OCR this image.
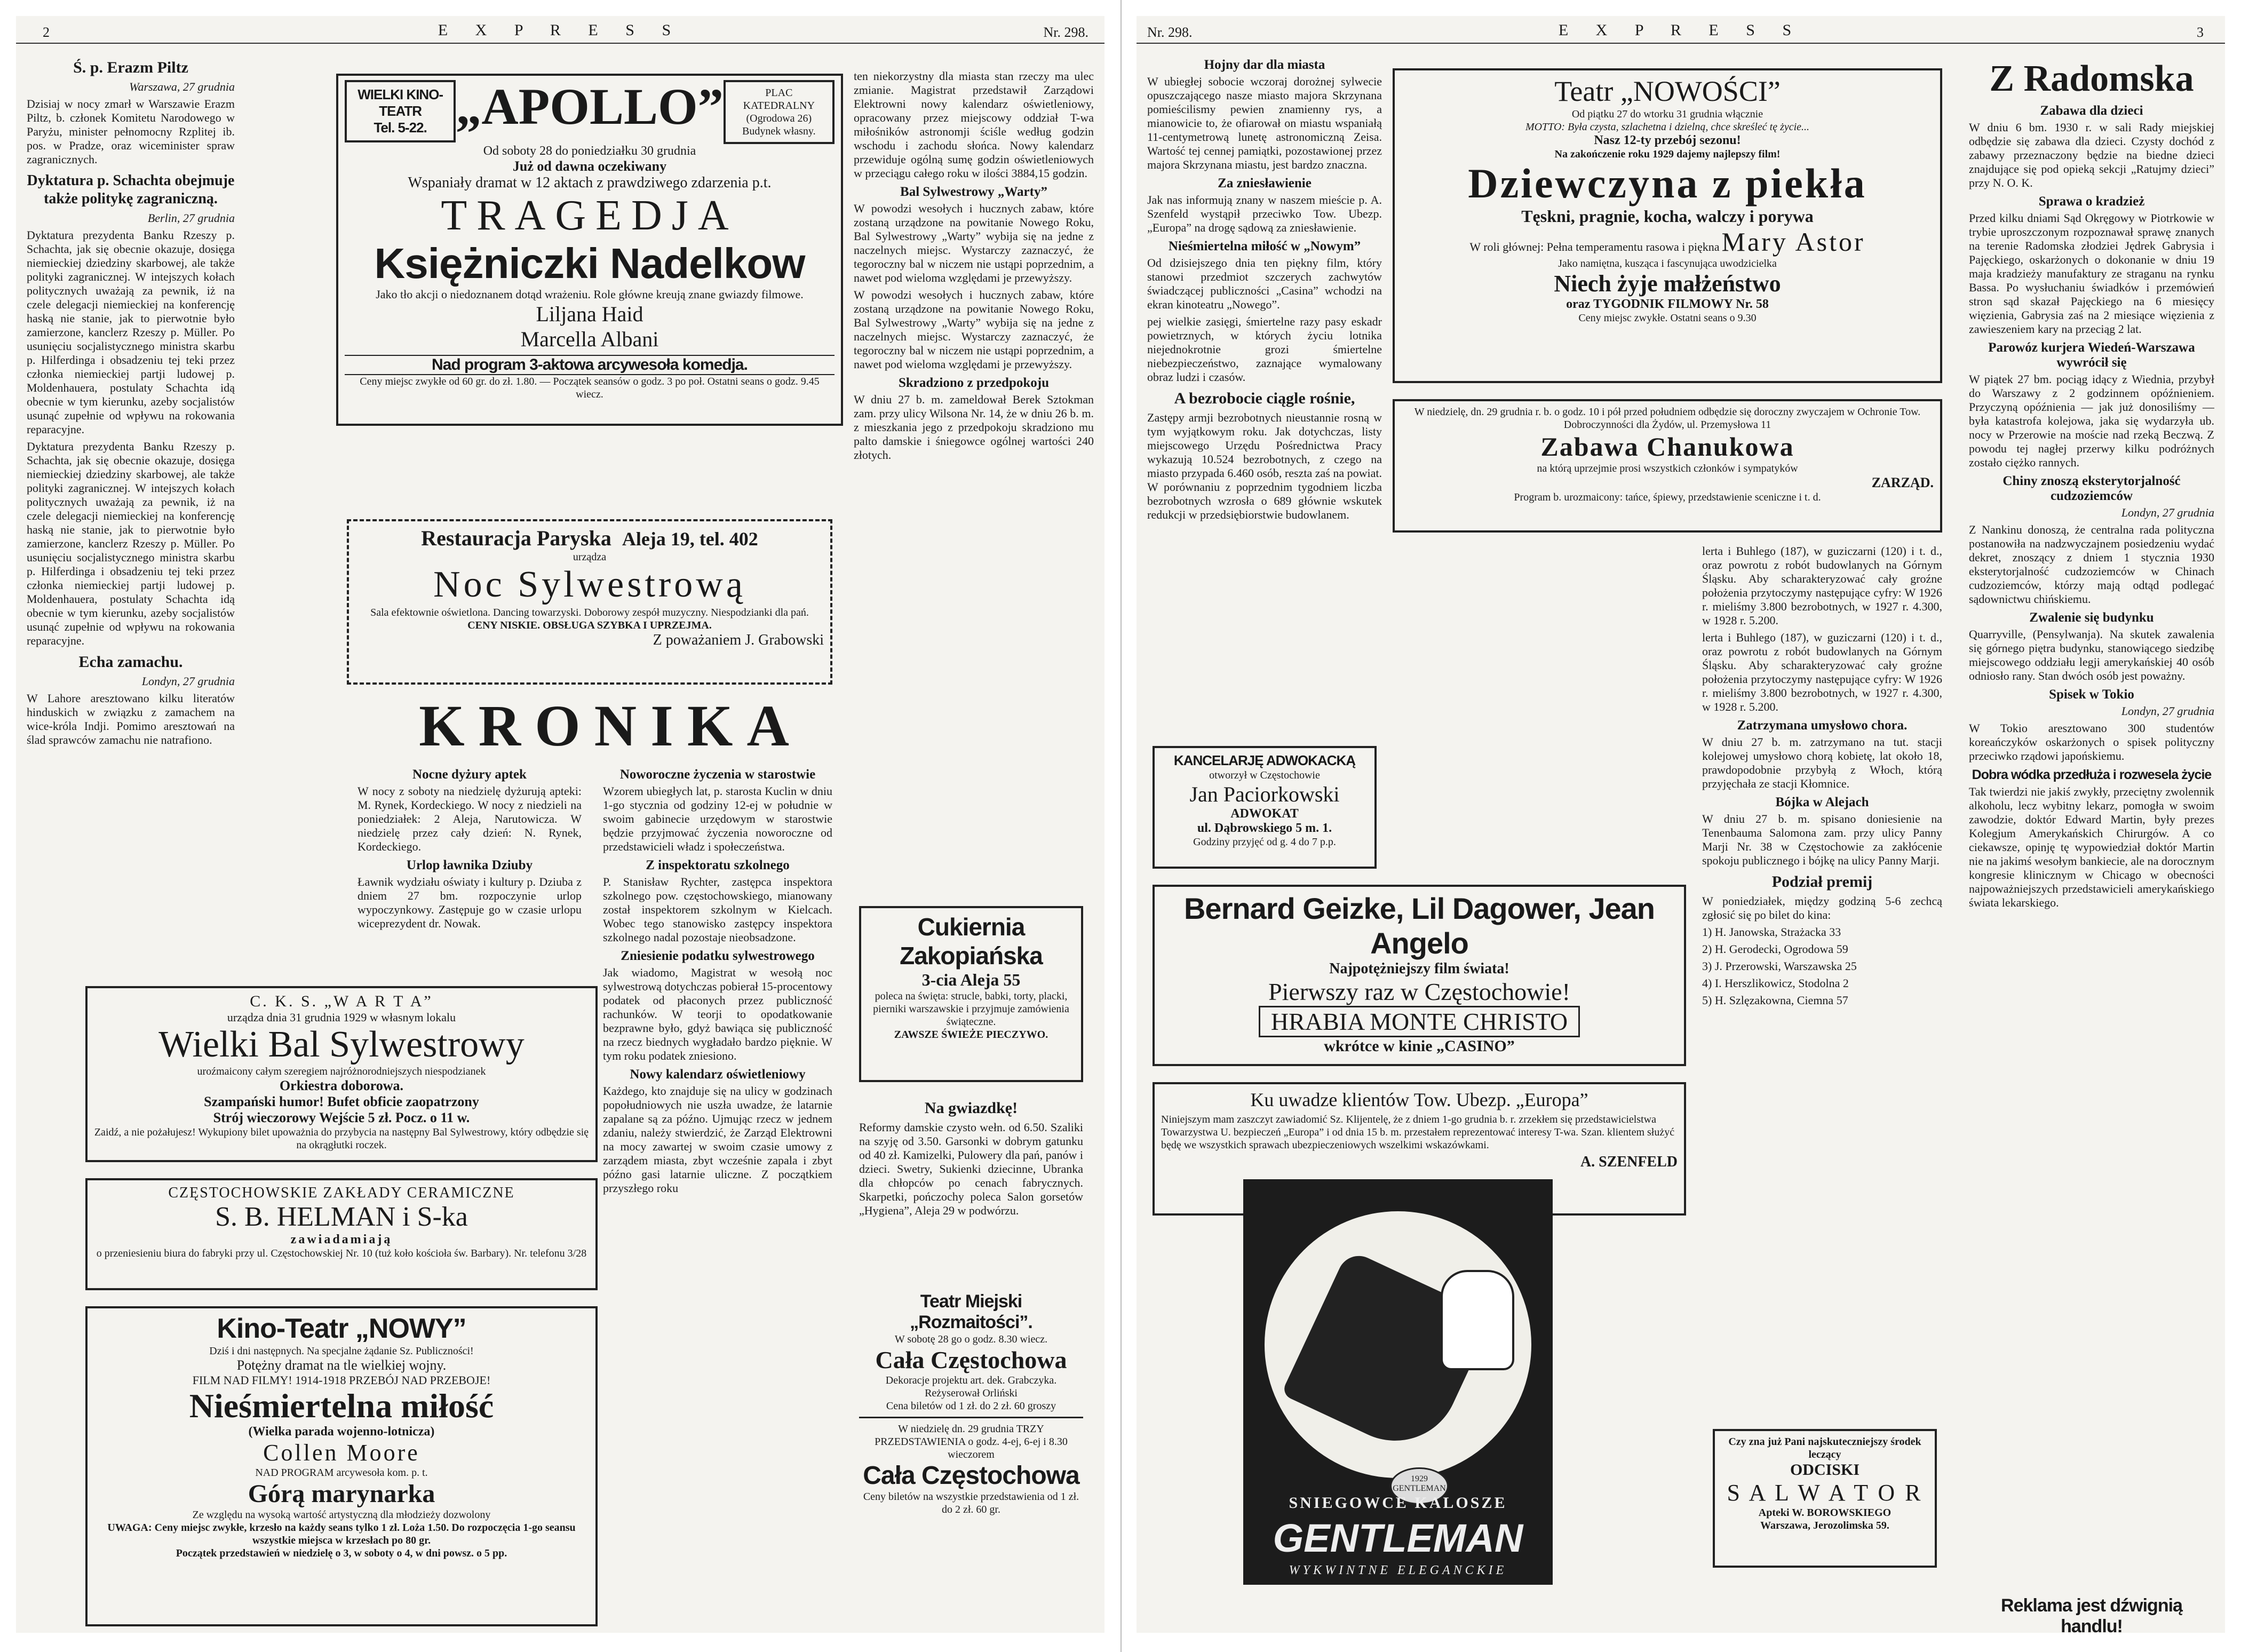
2	E X P R E S S	Nr. 298.
Ś. p. Erazm Piltz

Warszawa, 27 grudnia

Dzisiaj w nocy zmarł w Warszawie Erazm Piltz, b. członek Komitetu Narodowego w Paryżu, minister pełnomocny Rzplitej ib. pos. w Pradze, oraz wiceminister spraw zagranicznych.

Dyktatura p. Schachta obejmuje także politykę zagraniczną.

Berlin, 27 grudnia

Dyktatura prezydenta Banku Rzeszy p. Schachta, jak się obecnie okazuje, dosięga niemieckiej dziedziny skarbowej, ale także polityki zagranicznej. W intejszych kołach politycznych uważają za pewnik, iż na czele delegacji niemieckiej na konferencję haską nie stanie, jak to pierwotnie było zamierzone, kanclerz Rzeszy p. Müller. Po usunięciu socjalistycznego ministra skarbu p. Hilferdinga i obsadzeniu tej teki przez członka niemieckiej partji ludowej p. Moldenhauera, postulaty Schachta idą obecnie w tym kierunku, azeby socjalistów usunąć zupełnie od wpływu na rokowania reparacyjne.

Dyktatura prezydenta Banku Rzeszy p. Schachta, jak się obecnie okazuje, dosięga niemieckiej dziedziny skarbowej, ale także polityki zagranicznej. W intejszych kołach politycznych uważają za pewnik, iż na czele delegacji niemieckiej na konferencję haską nie stanie, jak to pierwotnie było zamierzone, kanclerz Rzeszy p. Müller. Po usunięciu socjalistycznego ministra skarbu p. Hilferdinga i obsadzeniu tej teki przez członka niemieckiej partji ludowej p. Moldenhauera, postulaty Schachta idą obecnie w tym kierunku, azeby socjalistów usunąć zupełnie od wpływu na rokowania reparacyjne.

Echa zamachu.

Londyn, 27 grudnia

W Lahore aresztowano kilku literatów hinduskich w związku z zamachem na wice-króla Indji. Pomimo aresztowań na ślad sprawców zamachu nie natrafiono.

WIELKI KINO-TEATR
Tel. 5-22. „APOLLO”	PLAC KATEDRALNY (Ogrodowa 26) Budynek własny.
Od soboty 28 do poniedziałku 30 grudnia
Już od dawna oczekiwany
Wspaniały dramat w 12 aktach z prawdziwego zdarzenia p.t.
TRAGEDJA
Księżniczki Nadelkow
Jako tło akcji o niedoznanem dotąd wrażeniu. Role główne kreują znane gwiazdy filmowe.
Liljana Haid
Marcella Albani
Nad program 3-aktowa arcywesoła komedja.
Ceny miejsc zwykłe od 60 gr. do zł. 1.80. — Początek seansów o godz. 3 po poł. Ostatni seans o godz. 9.45 wiecz.
Restauracja Paryska Aleja 19, tel. 402
urządza
Noc Sylwestrową
Sala efektownie oświetlona. Dancing towarzyski. Doborowy zespół muzyczny. Niespodzianki dla pań.
CENY NISKIE. OBSŁUGA SZYBKA I UPRZEJMA.
Z poważaniem J. Grabowski
KRONIKA
Nocne dyżury aptek

W nocy z soboty na niedzielę dyżurują apteki: M. Rynek, Kordeckiego. W nocy z niedzieli na poniedziałek: 2 Aleja, Narutowicza. W niedzielę przez cały dzień: N. Rynek, Kordeckiego.

Urlop ławnika Dziuby

Ławnik wydziału oświaty i kultury p. Dziuba z dniem 27 bm. rozpoczynie urlop wypoczynkowy. Zastępuje go w czasie urlopu wiceprezydent dr. Nowak.

Noworoczne życzenia w starostwie

Wzorem ubiegłych lat, p. starosta Kuclin w dniu 1-go stycznia od godziny 12-ej w południe w swoim gabinecie urzędowym w starostwie będzie przyjmować życzenia noworoczne od przedstawicieli władz i społeczeństwa.

Z inspektoratu szkolnego

P. Stanisław Rychter, zastępca inspektora szkolnego pow. częstochowskiego, mianowany został inspektorem szkolnym w Kielcach. Wobec tego stanowisko zastępcy inspektora szkolnego nadal pozostaje nieobsadzone.

Zniesienie podatku sylwestrowego

Jak wiadomo, Magistrat w wesołą noc sylwestrową dotychczas pobierał 15-procentowy podatek od płaconych przez publiczność rachunków. W teorji to opodatkowanie bezprawne było, gdyż bawiąca się publiczność na rzecz biednych wygładało bardzo pięknie. W tym roku podatek zniesiono.

Nowy kalendarz oświetleniowy

Każdego, kto znajduje się na ulicy w godzinach popołudniowych nie uszła uwadze, że latarnie zapalane są za późno. Ujmując rzecz w jednem zdaniu, należy stwierdzić, że Zarząd Elektrowni na mocy zawartej w swoim czasie umowy z zarządem miasta, zbyt wcześnie zapala i zbyt późno gasi latarnie uliczne. Z początkiem przyszłego roku

ten niekorzystny dla miasta stan rzeczy ma ulec zmianie. Magistrat przedstawił Zarządowi Elektrowni nowy kalendarz oświetleniowy, opracowany przez miejscowy oddział T-wa miłośników astronomji ściśle według godzin wschodu i zachodu słońca. Nowy kalendarz przewiduje ogólną sumę godzin oświetleniowych w przeciągu całego roku w ilości 3884,15 godzin.

Bal Sylwestrowy „Warty”

W powodzi wesołych i hucznych zabaw, które zostaną urządzone na powitanie Nowego Roku, Bal Sylwestrowy „Warty” wybija się na jedne z naczelnych miejsc. Wystarczy zaznaczyć, że tegoroczny bal w niczem nie ustąpi poprzednim, a nawet pod wieloma względami je przewyższy.

W powodzi wesołych i hucznych zabaw, które zostaną urządzone na powitanie Nowego Roku, Bal Sylwestrowy „Warty” wybija się na jedne z naczelnych miejsc. Wystarczy zaznaczyć, że tegoroczny bal w niczem nie ustąpi poprzednim, a nawet pod wieloma względami je przewyższy.

Skradziono z przedpokoju

W dniu 27 b. m. zameldował Berek Sztokman zam. przy ulicy Wilsona Nr. 14, że w dniu 26 b. m. z mieszkania jego z przedpokoju skradziono mu palto damskie i śniegowce ogólnej wartości 240 złotych.

Cukiernia Zakopiańska
3-cia Aleja 55
poleca na święta: strucle, babki, torty, placki, pierniki warszawskie i przyjmuje zamówienia świąteczne.
ZAWSZE ŚWIEŻE PIECZYWO.
Na gwiazdkę!

Reformy damskie czysto wełn. od 6.50. Szaliki na szyję od 3.50. Garsonki w dobrym gatunku od 40 zł. Kamizelki, Pulowery dla pań, panów i dzieci. Swetry, Sukienki dziecinne, Ubranka dla chłopców po cenach fabrycznych. Skarpetki, pończochy poleca Salon gorsetów „Hygiena”, Aleja 29 w podwórzu.

Teatr Miejski „Rozmaitości”.
W sobotę 28 go o godz. 8.30 wiecz.
Cała Częstochowa
Dekoracje projektu art. dek. Grabczyka. Reżyserował Orliński
Cena biletów od 1 zł. do 2 zł. 60 groszy
W niedzielę dn. 29 grudnia TRZY PRZEDSTAWIENIA o godz. 4-ej, 6-ej i 8.30 wieczorem
Cała Częstochowa
Ceny biletów na wszystkie przedstawienia od 1 zł. do 2 zł. 60 gr.
C. K. S. „W A R T A”
urządza dnia 31 grudnia 1929 w własnym lokalu
Wielki Bal Sylwestrowy
uroźmaicony całym szeregiem najróżnorodniejszych niespodzianek
Orkiestra doborowa.
Szampański humor! Bufet obficie zaopatrzony
Strój wieczorowy Wejście 5 zł. Pocz. o 11 w.
Zaidź, a nie pożałujesz! Wykupiony bilet upoważnia do przybycia na następny Bal Sylwestrowy, który odbędzie się na okrągłutki roczek.
CZĘSTOCHOWSKIE ZAKŁADY CERAMICZNE
S. B. HELMAN i S-ka
zawiadamiają
o przeniesieniu biura do fabryki przy ul. Częstochowskiej Nr. 10 (tuż koło kościoła św. Barbary). Nr. telefonu 3/28
Kino-Teatr „NOWY”
Dziś i dni następnych. Na specjalne żądanie Sz. Publiczności!
Potężny dramat na tle wielkiej wojny.
FILM NAD FILMY! 1914-1918 PRZEBÓJ NAD PRZEBOJE!
Nieśmiertelna miłość
(Wielka parada wojenno-lotnicza)
Collen Moore
NAD PROGRAM arcywesoła kom. p. t.
Górą marynarka
Ze względu na wysoką wartość artystyczną dla młodzieży dozwolony
UWAGA: Ceny miejsc zwykłe, krzesło na każdy seans tylko 1 zł. Loża 1.50. Do rozpoczęcia 1-go seansu wszystkie miejsca w krzesłach po 80 gr.
Początek przedstawień w niedzielę o 3, w soboty o 4, w dni powsz. o 5 pp.
Nr. 298.	E X P R E S S	3
Hojny dar dla miasta

W ubiegłej sobocie wczoraj dorożnej sylwecie opuszczającego nasze miasto majora Skrzynana pomieścilismy pewien znamienny rys, a mianowicie to, że ofiarował on miastu wspaniałą 11-centymetrową lunetę astronomiczną Zeisa. Wartość tej cennej pamiątki, pozostawionej przez majora Skrzynana miastu, jest bardzo znaczna.

Za zniesławienie

Jak nas informują znany w naszem mieście p. A. Szenfeld wystąpił przeciwko Tow. Ubezp. „Europa” na drogę sądową za zniesławienie.

Nieśmiertelna miłość w „Nowym”

Od dzisiejszego dnia ten piękny film, który stanowi przedmiot szczerych zachwytów świadczącej publiczności „Casina” wchodzi na ekran kinoteatru „Nowego”.

pej wielkie zasięgi, śmiertelne razy pasy eskadr powietrznych, w których życiu lotnika niejednokrotnie grozi śmiertelne niebezpieczeństwo, zaznające wymalowany obraz ludzi i czasów.

A bezrobocie ciągle rośnie,

Zastępy armji bezrobotnych nieustannie rosną w tym wyjątkowym roku. Jak dotychczas, listy miejscowego Urzędu Pośrednictwa Pracy wykazują 10.524 bezrobotnych, z czego na miasto przypada 6.460 osób, reszta zaś na powiat. W porównaniu z poprzednim tygodniem liczba bezrobotnych wzrosła o 689 głównie wskutek redukcji w przedsiębiorstwie budowlanem.

Teatr „NOWOŚCI”
Od piątku 27 do wtorku 31 grudnia włącznie
MOTTO: Była czysta, szlachetna i dzielną, chce skreśleć tę życie...
Nasz 12-ty przebój sezonu!
Na zakończenie roku 1929 dajemy najlepszy film!
Dziewczyna z piekła
Tęskni, pragnie, kocha, walczy i porywa
W roli głównej: Pełna temperamentu rasowa i piękna Mary Astor
Jako namiętna, kusząca i fascynująca uwodzicielka
Niech żyje małżeństwo
oraz TYGODNIK FILMOWY Nr. 58
Ceny miejsc zwykłe. Ostatni seans o 9.30
W niedzielę, dn. 29 grudnia r. b. o godz. 10 i pół przed południem odbędzie się doroczny zwyczajem w Ochronie Tow. Dobroczynności dla Żydów, ul. Przemysłowa 11
Zabawa Chanukowa
na którą uprzejmie prosi wszystkich członków i sympatyków
ZARZĄD.
Program b. urozmaicony: tańce, śpiewy, przedstawienie sceniczne i t. d.

lerta i Buhlego (187), w guziczarni (120) i t. d., oraz powrotu z robót budowlanych na Górnym Śląsku. Aby scharakteryzować cały groźne położenia przytoczymy następujące cyfry: W 1926 r. mieliśmy 3.800 bezrobotnych, w 1927 r. 4.300, w 1928 r. 5.200.

lerta i Buhlego (187), w guziczarni (120) i t. d., oraz powrotu z robót budowlanych na Górnym Śląsku. Aby scharakteryzować cały groźne położenia przytoczymy następujące cyfry: W 1926 r. mieliśmy 3.800 bezrobotnych, w 1927 r. 4.300, w 1928 r. 5.200.

Zatrzymana umysłowo chora.

W dniu 27 b. m. zatrzymano na tut. stacji kolejowej umysłowo chorą kobietę, lat około 18, prawdopodobnie przybyłą z Włoch, którą przyjęchała ze stacji Kłomnice.

Bójka w Alejach

W dniu 27 b. m. spisano doniesienie na Tenenbauma Salomona zam. przy ulicy Panny Marji Nr. 38 w Częstochowie za zakłócenie spokoju publicznego i bójkę na ulicy Panny Marji.

Podział premij

W poniedziałek, między godziną 5-6 zechcą zgłosić się po bilet do kina:

1) H. Janowska, Strażacka 33

2) H. Gerodecki, Ogrodowa 59

3) J. Przerowski, Warszawska 25

4) I. Herszlikowicz, Stodolna 2

5) H. Szlęzakowna, Ciemna 57

KANCELARJĘ ADWOKACKĄ
otworzył w Częstochowie
Jan Paciorkowski
ADWOKAT
ul. Dąbrowskiego 5 m. 1.
Godziny przyjęć od g. 4 do 7 p.p.
Bernard Geizke, Lil Dagower, Jean Angelo
Najpotężniejszy film świata!
Pierwszy raz w Częstochowie!
HRABIA MONTE CHRISTO
wkrótce w kinie „CASINO”
Ku uwadze klientów Tow. Ubezp. „Europa”

Niniejszym mam zaszczyt zawiadomić Sz. Klijentelę, że z dniem 1-go grudnia b. r. zrzekłem się przedstawicielstwa Towarzystwa U. bezpieczeń „Europa” i od dnia 15 b. m. przestałem reprezentować interesy T-wa. Szan. klientem służyć będę we wszystkich sprawach ubezpieczeniowych wszelkimi wskazówkami.

A. SZENFELD
Czy zna już Pani najskuteczniejszy środek leczący
ODCISKI
S A L W A T O R
Apteki W. BOROWSKIEGO
Warszawa, Jerozolimska 59.
Z Radomska
Zabawa dla dzieci

W dniu 6 bm. 1930 r. w sali Rady miejskiej odbędzie się zabawa dla dzieci. Czysty dochód z zabawy przeznaczony będzie na biedne dzieci znajdujące się pod opieką sekcji „Ratujmy dzieci” przy N. O. K.

Sprawa o kradzież

Przed kilku dniami Sąd Okręgowy w Piotrkowie w trybie uproszczonym rozpoznawał sprawę znanych na terenie Radomska złodziei Jędrek Gabrysia i Pajęckiego, oskarżonych o dokonanie w dniu 19 maja kradzieży manufaktury ze straganu na rynku Bassa. Po wysłuchaniu świadków i przemówień stron sąd skazał Pajęckiego na 6 miesięcy więzienia, Gabrysia zaś na 2 miesiące więzienia z zawieszeniem kary na przeciąg 2 lat.

Parowóz kurjera Wiedeń-Warszawa wywrócił się

W piątek 27 bm. pociąg idący z Wiednia, przybył do Warszawy z 2 godzinnem opóźnieniem. Przyczyną opóźnienia — jak już donosiliśmy — była katastrofa kolejowa, jaka się wydarzyła ub. nocy w Przerowie na moście nad rzeką Beczwą. Z powodu tej nagłej przerwy kilku podróżnych zostało ciężko rannych.

Chiny znoszą eksterytorjalność cudzoziemców

Londyn, 27 grudnia

Z Nankinu donoszą, że centralna rada polityczna postanowiła na nadzwyczajnem posiedzeniu wydać dekret, znoszący z dniem 1 stycznia 1930 eksterytorjalność cudzoziemców w Chinach cudzoziemców, którzy mają odtąd podlegać sądownictwu chińskiemu.

Zwalenie się budynku

Quarryville, (Pensylwanja). Na skutek zawalenia się górnego piętra budynku, stanowiącego siedzibę miejscowego oddziału legji amerykańskiej 40 osób odniosło rany. Stan dwóch osób jest poważny.

Spisek w Tokio

Londyn, 27 grudnia

W Tokio aresztowano 300 studentów koreańczyków oskarżonych o spisek polityczny przeciwko rządowi japońskiemu.

Dobra wódka przedłuża i rozwesela życie

Tak twierdzi nie jakiś zwykły, przeciętny zwolennik alkoholu, lecz wybitny lekarz, pomogła w swoim zawodzie, doktór Edward Martin, były prezes Kolegjum Amerykańskich Chirurgów. A co ciekawsze, opinję tę wypowiedział doktór Martin nie na jakimś wesołym bankiecie, ale na dorocznym kongresie klinicznym w Chicago w obecności najpoważniejszych przedstawicieli amerykańskiego świata lekarskiego.

Reklama jest dźwignią handlu!
1929 GENTLEMAN
SNIEGOWCE KALOSZE
GENTLEMAN
WYKWINTNE ELEGANCKIE
